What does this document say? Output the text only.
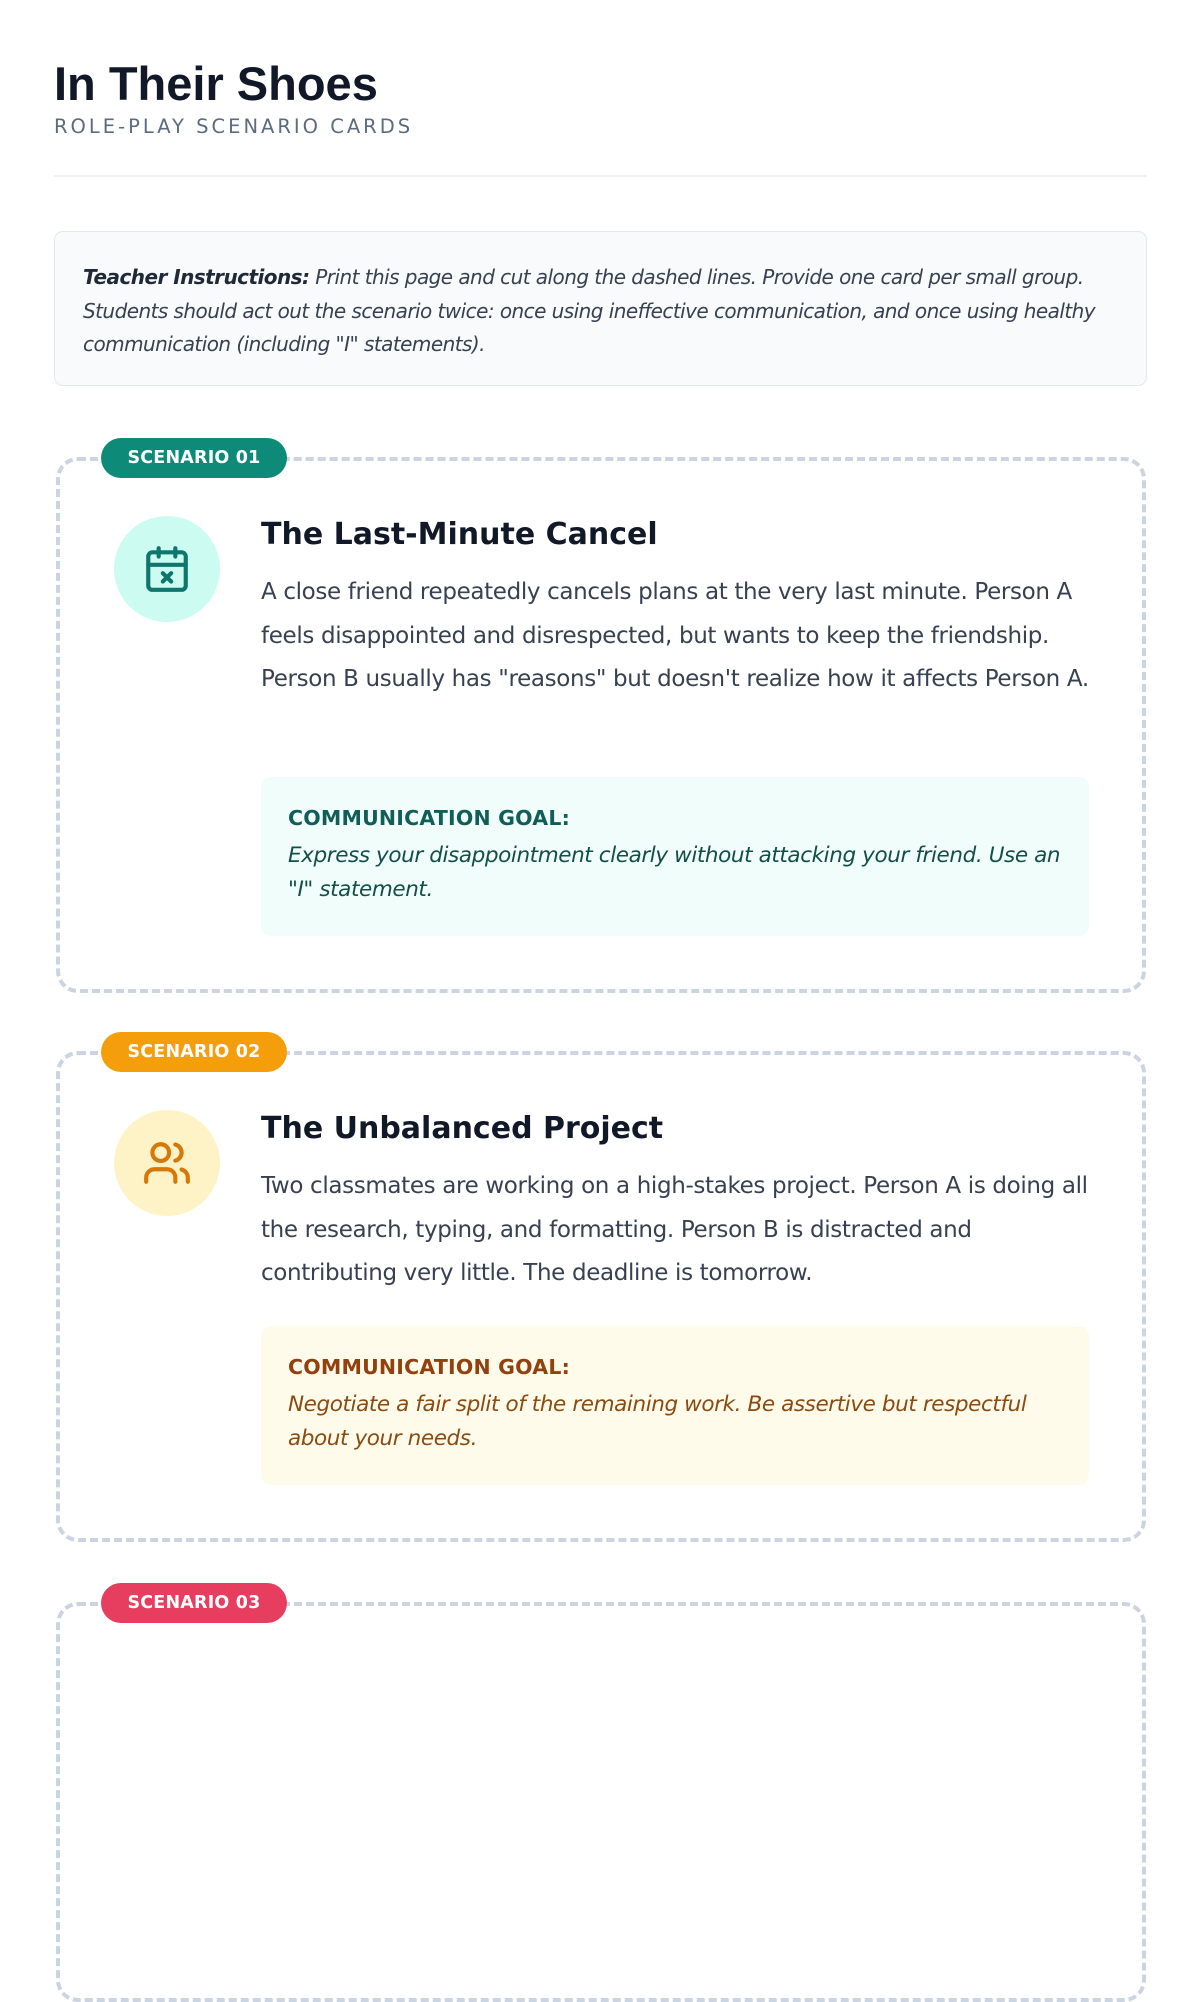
In Their Shoes
ROLE-PLAY SCENARIO CARDS
Teacher Instructions: Print this page and cut along the dashed lines. Provide one card per small group. Students should act out the scenario twice: once using ineffective communication, and once using healthy communication (including "I" statements).
SCENARIO 01
The Last-Minute Cancel

A close friend repeatedly cancels plans at the very last minute. Person A feels disappointed and disrespected, but wants to keep the friendship. Person B usually has "reasons" but doesn't realize how it affects Person A.

COMMUNICATION GOAL:
Express your disappointment clearly without attacking your friend. Use an "I" statement.
SCENARIO 02
The Unbalanced Project

Two classmates are working on a high-stakes project. Person A is doing all the research, typing, and formatting. Person B is distracted and contributing very little. The deadline is tomorrow.

COMMUNICATION GOAL:
Negotiate a fair split of the remaining work. Be assertive but respectful about your needs.
SCENARIO 03
